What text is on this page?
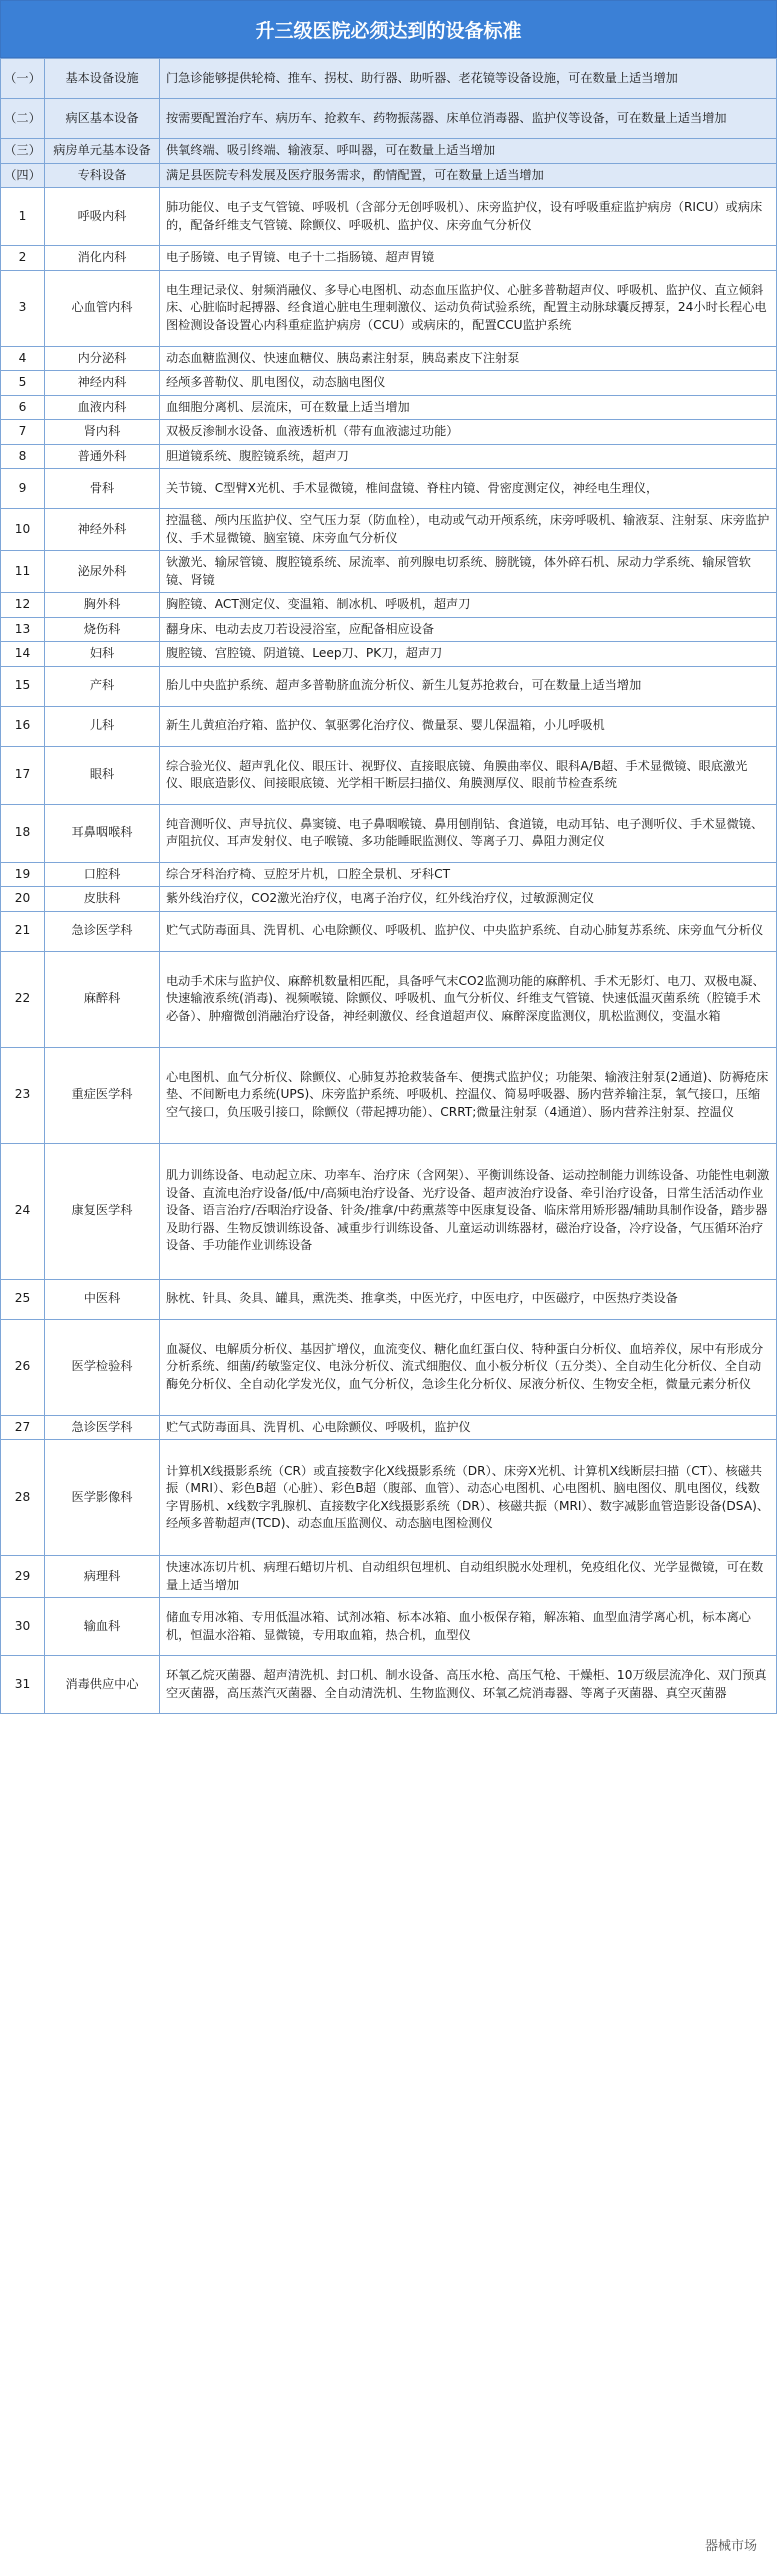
升三级医院必须达到的设备标准
（一）	基本设备设施	门急诊能够提供轮椅、推车、拐杖、助行器、助听器、老花镜等设备设施，可在数量上适当增加
（二）	病区基本设备	按需要配置治疗车、病历车、抢救车、药物振荡器、床单位消毒器、监护仪等设备，可在数量上适当增加
（三）	病房单元基本设备	供氧终端、吸引终端、输液泵、呼叫器，可在数量上适当增加
（四）	专科设备	满足县医院专科发展及医疗服务需求，酌情配置，可在数量上适当增加
1	呼吸内科	肺功能仪、电子支气管镜、呼吸机（含部分无创呼吸机）、床旁监护仪，设有呼吸重症监护病房（RICU）或病床的，配备纤维支气管镜、除颤仪、呼吸机、监护仪、床旁血气分析仪
2	消化内科	电子肠镜、电子胃镜、电子十二指肠镜、超声胃镜
3	心血管内科	电生理记录仪、射频消融仪、多导心电图机、动态血压监护仪、心脏多普勒超声仪、呼吸机、监护仪、直立倾斜床、心脏临时起搏器、经食道心脏电生理刺激仪、运动负荷试验系统，配置主动脉球囊反搏泵，24小时长程心电图检测设备设置心内科重症监护病房（CCU）或病床的，配置CCU监护系统
4	内分泌科	动态血糖监测仪、快速血糖仪、胰岛素注射泵，胰岛素皮下注射泵
5	神经内科	经颅多普勒仪、肌电图仪，动态脑电图仪
6	血液内科	血细胞分离机、层流床，可在数量上适当增加
7	肾内科	双极反渗制水设备、血液透析机（带有血液滤过功能）
8	普通外科	胆道镜系统、腹腔镜系统，超声刀
9	骨科	关节镜、C型臂X光机、手术显微镜，椎间盘镜、脊柱内镜、骨密度测定仪，神经电生理仪，
10	神经外科	控温毯、颅内压监护仪、空气压力泵（防血栓），电动或气动开颅系统，床旁呼吸机、输液泵、注射泵、床旁监护仪、手术显微镜、脑室镜、床旁血气分析仪
11	泌尿外科	钬激光、输尿管镜、腹腔镜系统、尿流率、前列腺电切系统、膀胱镜，体外碎石机、尿动力学系统、输尿管软镜、肾镜
12	胸外科	胸腔镜、ACT测定仪、变温箱、制冰机、呼吸机，超声刀
13	烧伤科	翻身床、电动去皮刀若设浸浴室，应配备相应设备
14	妇科	腹腔镜、宫腔镜、阴道镜、Leep刀、PK刀，超声刀
15	产科	胎儿中央监护系统、超声多普勒脐血流分析仪、新生儿复苏抢救台，可在数量上适当增加
16	儿科	新生儿黄疸治疗箱、监护仪、氧驱雾化治疗仪、微量泵、婴儿保温箱，小儿呼吸机
17	眼科	综合验光仪、超声乳化仪、眼压计、视野仪、直接眼底镜、角膜曲率仪、眼科A/B超、手术显微镜、眼底激光仪、眼底造影仪、间接眼底镜、光学相干断层扫描仪、角膜测厚仪、眼前节检查系统
18	耳鼻咽喉科	纯音测听仪、声导抗仪、鼻窦镜、电子鼻咽喉镜、鼻用刨削钻、食道镜，电动耳钻、电子测听仪、手术显微镜、声阻抗仪、耳声发射仪、电子喉镜、多功能睡眠监测仪、等离子刀、鼻阻力测定仪
19	口腔科	综合牙科治疗椅、豆腔牙片机，口腔全景机、牙科CT
20	皮肤科	紫外线治疗仪，CO2激光治疗仪，电离子治疗仪，红外线治疗仪，过敏源测定仪
21	急诊医学科	贮气式防毒面具、洗胃机、心电除颤仪、呼吸机、监护仪、中央监护系统、自动心肺复苏系统、床旁血气分析仪
22	麻醉科	电动手术床与监护仪、麻醉机数量相匹配，具备呼气末CO2监测功能的麻醉机、手术无影灯、电刀、双极电凝、快速输液系统(消毒)、视频喉镜、除颤仪、呼吸机、血气分析仪、纤维支气管镜、快速低温灭菌系统（腔镜手术必备）、肿瘤微创消融治疗设备，神经刺激仪、经食道超声仪、麻醉深度监测仪，肌松监测仪，变温水箱
23	重症医学科	心电图机、血气分析仪、除颤仪、心肺复苏抢救装备车、便携式监护仪；功能架、输液注射泵(2通道)、防褥疮床垫、不间断电力系统(UPS)、床旁监护系统、呼吸机、控温仪、简易呼吸器、肠内营养输注泵，氧气接口，压缩空气接口，负压吸引接口，除颤仪（带起搏功能）、CRRT;微量注射泵（4通道）、肠内营养注射泵、控温仪
24	康复医学科	肌力训练设备、电动起立床、功率车、治疗床（含网架）、平衡训练设备、运动控制能力训练设备、功能性电刺激设备、直流电治疗设备/低/中/高频电治疗设备、光疗设备、超声波治疗设备、牵引治疗设备，日常生活活动作业设备、语言治疗/吞咽治疗设备、针灸/推拿/中药熏蒸等中医康复设备、临床常用矫形器/辅助具制作设备，踏步器及助行器、生物反馈训练设备、减重步行训练设备、儿童运动训练器材，磁治疗设备，冷疗设备，气压循环治疗设备、手功能作业训练设备
25	中医科	脉枕、针具、灸具、罐具，熏洗类、推拿类，中医光疗，中医电疗，中医磁疗，中医热疗类设备
26	医学检验科	血凝仪、电解质分析仪、基因扩增仪，血流变仪、糖化血红蛋白仪、特种蛋白分析仪、血培养仪，尿中有形成分分析系统、细菌/药敏鉴定仪、电泳分析仪、流式细胞仪、血小板分析仪（五分类）、全自动生化分析仪、全自动酶免分析仪、全自动化学发光仪，血气分析仪，急诊生化分析仪、尿液分析仪、生物安全柜，微量元素分析仪
27	急诊医学科	贮气式防毒面具、洗胃机、心电除颤仪、呼吸机，监护仪
28	医学影像科	计算机X线摄影系统（CR）或直接数字化X线摄影系统（DR）、床旁X光机、计算机X线断层扫描（CT）、核磁共振（MRI）、彩色B超（心脏）、彩色B超（腹部、血管）、动态心电图机、心电图机、脑电图仪、肌电图仪，线数字胃肠机、x线数字乳腺机、直接数字化X线摄影系统（DR）、核磁共振（MRI）、数字减影血管造影设备(DSA)、经颅多普勒超声(TCD)、动态血压监测仪、动态脑电图检测仪
29	病理科	快速冰冻切片机、病理石蜡切片机、自动组织包埋机、自动组织脱水处理机，免疫组化仪、光学显微镜，可在数量上适当增加
30	输血科	储血专用冰箱、专用低温冰箱、试剂冰箱、标本冰箱、血小板保存箱，解冻箱、血型血清学离心机，标本离心机，恒温水浴箱、显微镜，专用取血箱，热合机，血型仪
31	消毒供应中心	环氧乙烷灭菌器、超声清洗机、封口机、制水设备、高压水枪、高压气枪、干燥柜、10万级层流净化、双门预真空灭菌器，高压蒸汽灭菌器、全自动清洗机、生物监测仪、环氧乙烷消毒器、等离子灭菌器、真空灭菌器
器械市场
